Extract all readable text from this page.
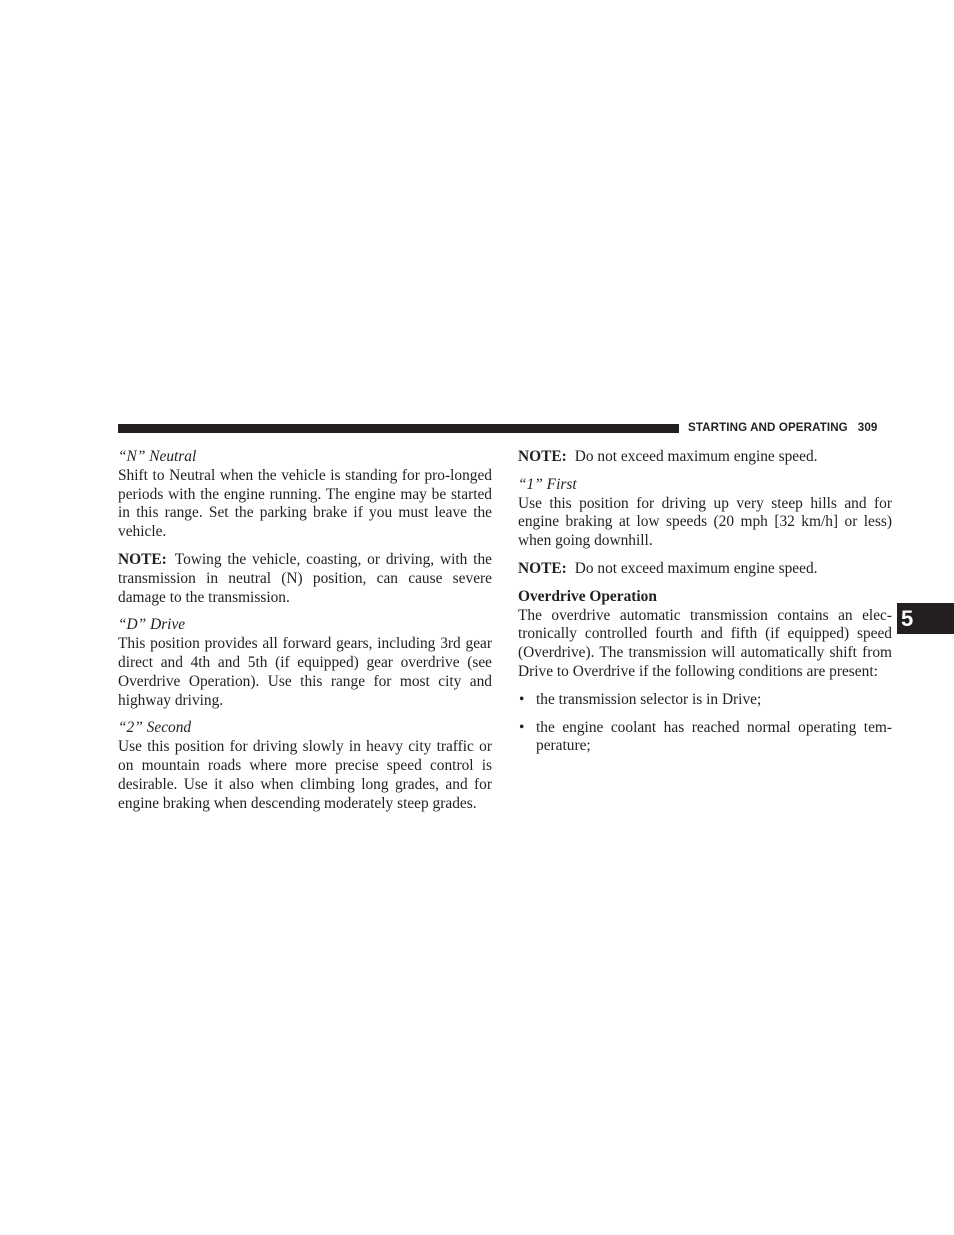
STARTING AND OPERATING 309
5

“N” Neutral

Shift to Neutral when the vehicle is standing for pro-longed periods with the engine running. The engine may be started in this range. Set the parking brake if you must leave the vehicle.

NOTE: Towing the vehicle, coasting, or driving, with the transmission in neutral (N) position, can cause severe damage to the transmission.

“D” Drive

This position provides all forward gears, including 3rd gear direct and 4th and 5th (if equipped) gear overdrive (see Overdrive Operation). Use this range for most city and highway driving.

“2” Second

Use this position for driving slowly in heavy city traffic or on mountain roads where more precise speed control is desirable. Use it also when climbing long grades, and for engine braking when descending moderately steep grades.

NOTE: Do not exceed maximum engine speed.

“1” First

Use this position for driving up very steep hills and for engine braking at low speeds (20 mph [32 km/h] or less) when going downhill.

NOTE: Do not exceed maximum engine speed.

Overdrive Operation

The overdrive automatic transmission contains an elec-tronically controlled fourth and fifth (if equipped) speed (Overdrive). The transmission will automatically shift from Drive to Overdrive if the following conditions are present:

• the transmission selector is in Drive;
• the engine coolant has reached normal operating tem-perature;
